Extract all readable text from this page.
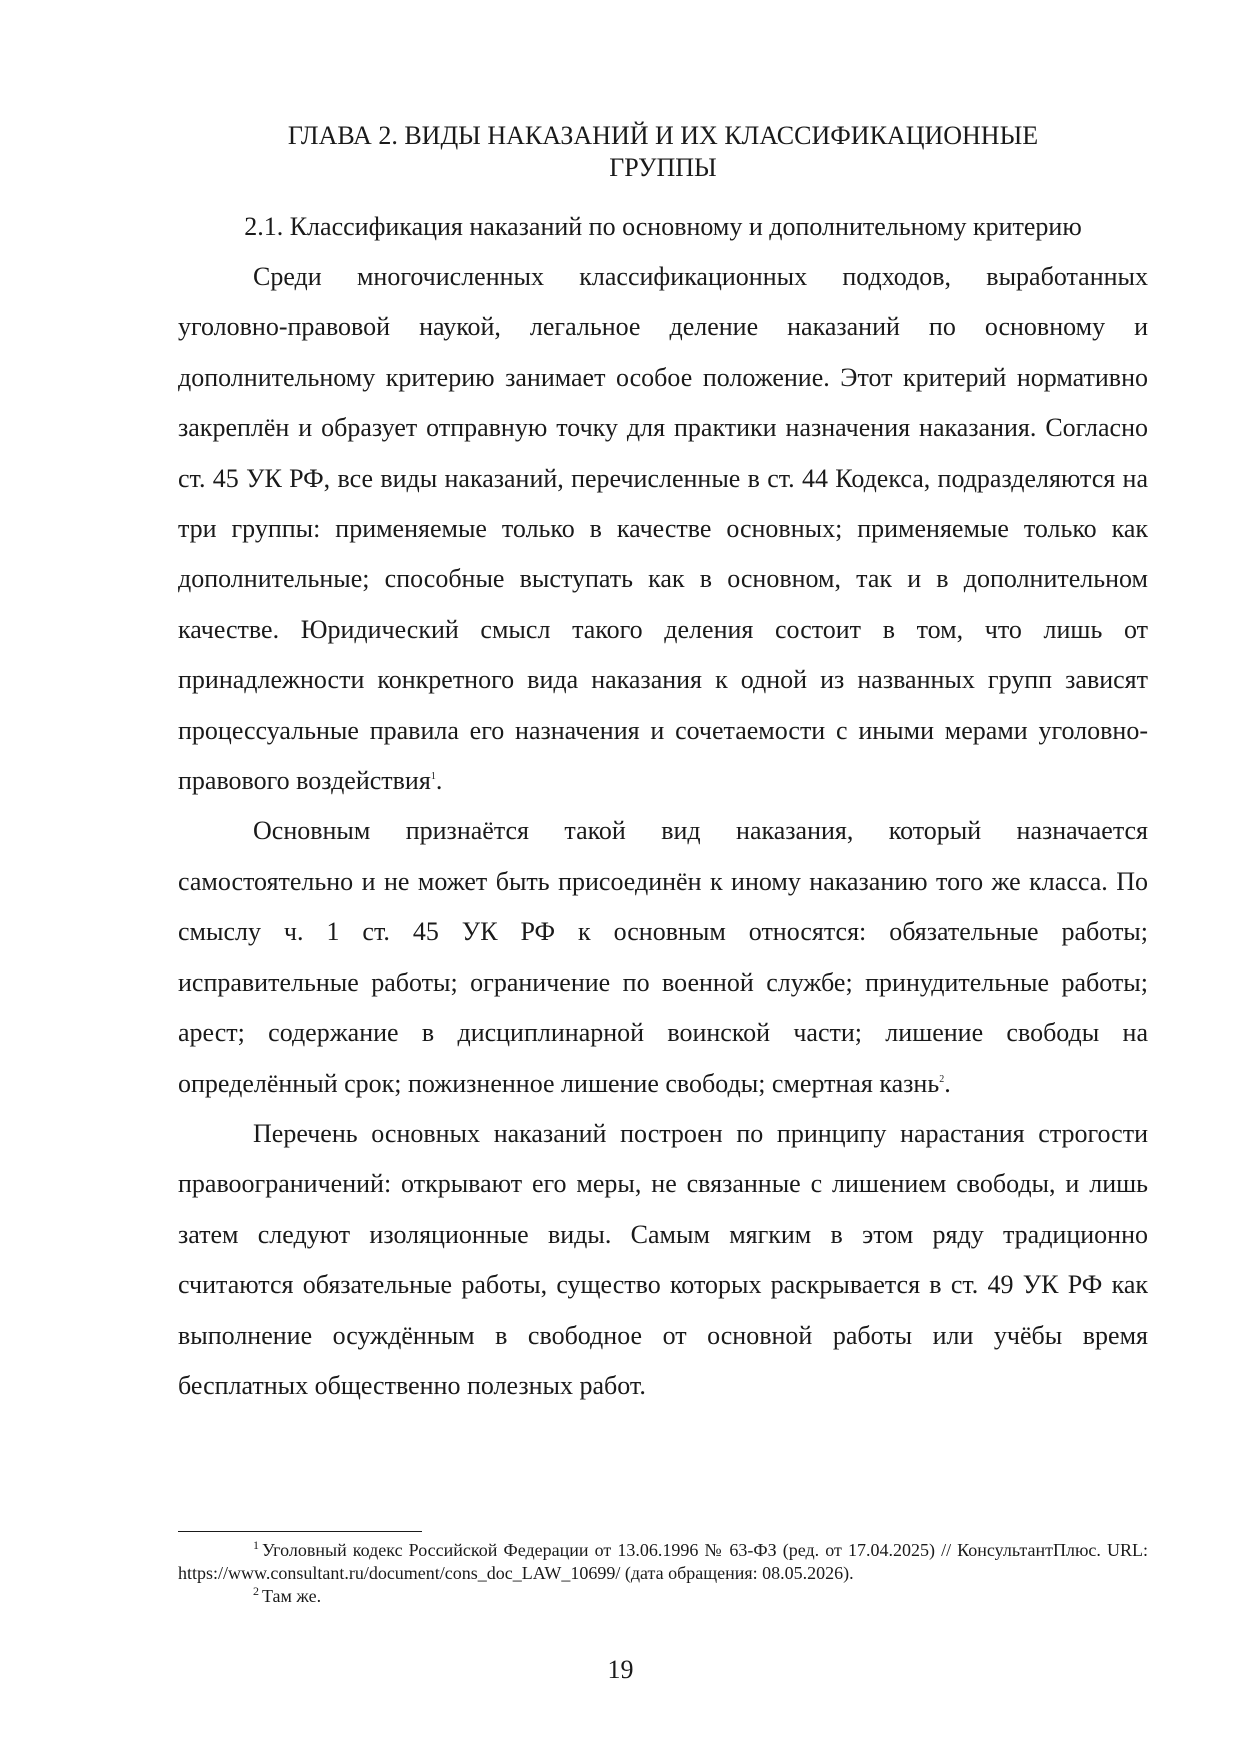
ГЛАВА 2. ВИДЫ НАКАЗАНИЙ И ИХ КЛАССИФИКАЦИОННЫЕ
ГРУППЫ
2.1. Классификация наказаний по основному и дополнительному критерию

Среди многочисленных классификационных подходов, выработанных уголовно-правовой наукой, легальное деление наказаний по основному и дополнительному критерию занимает особое положение. Этот критерий нормативно закреплён и образует отправную точку для практики назначения наказания. Согласно ст. 45 УК РФ, все виды наказаний, перечисленные в ст. 44 Кодекса, подразделяются на три группы: применяемые только в качестве основных; применяемые только как дополнительные; способные выступать как в основном, так и в дополнительном качестве. Юридический смысл такого деления состоит в том, что лишь от принадлежности конкретного вида наказания к одной из названных групп зависят процессуальные правила его назначения и сочетаемости с иными мерами уголовно-правового воздействия$^1$.

Основным признаётся такой вид наказания, который назначается самостоятельно и не может быть присоединён к иному наказанию того же класса. По смыслу ч. 1 ст. 45 УК РФ к основным относятся: обязательные работы; исправительные работы; ограничение по военной службе; принудительные работы; арест; содержание в дисциплинарной воинской части; лишение свободы на определённый срок; пожизненное лишение свободы; смертная казнь$^2$.

Перечень основных наказаний построен по принципу нарастания строгости правоограничений: открывают его меры, не связанные с лишением свободы, и лишь затем следуют изоляционные виды. Самым мягким в этом ряду традиционно считаются обязательные работы, существо которых раскрывается в ст. 49 УК РФ как выполнение осуждённым в свободное от основной работы или учёбы время бесплатных общественно полезных работ.

$^1$ Уголовный кодекс Российской Федерации от 13.06.1996 № 63-ФЗ (ред. от 17.04.2025) // КонсультантПлюс. URL: https://www.consultant.ru/document/cons_doc_LAW_10699/ (дата обращения: 08.05.2026).

$^2$ Там же.

19
